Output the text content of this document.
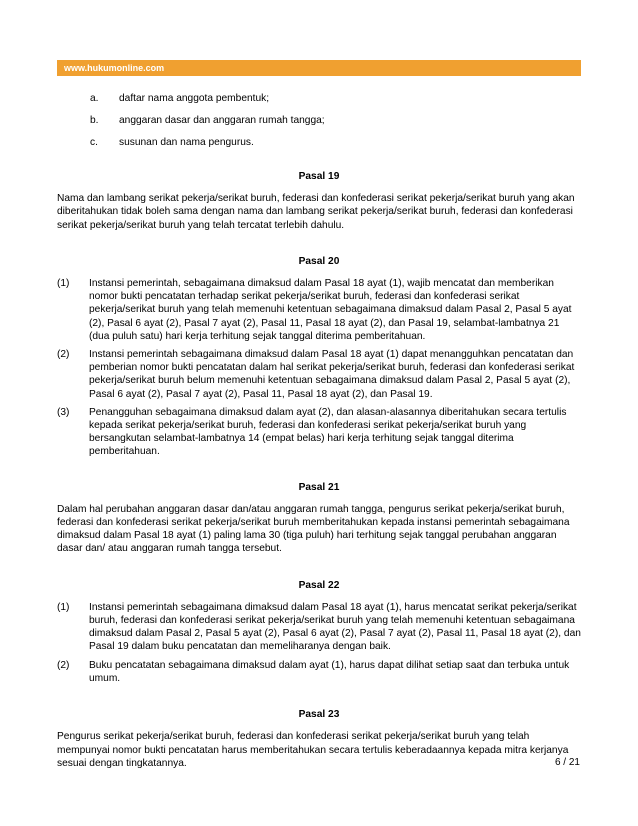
www.hukumonline.com
a. daftar nama anggota pembentuk;
b. anggaran dasar dan anggaran rumah tangga;
c. susunan dan nama pengurus.

Pasal 19

Nama dan lambang serikat pekerja/serikat buruh, federasi dan konfederasi serikat pekerja/serikat buruh yang akan diberitahukan tidak boleh sama dengan nama dan lambang serikat pekerja/serikat buruh, federasi dan konfederasi serikat pekerja/serikat buruh yang telah tercatat terlebih dahulu.

Pasal 20

(1) Instansi pemerintah, sebagaimana dimaksud dalam Pasal 18 ayat (1), wajib mencatat dan memberikan nomor bukti pencatatan terhadap serikat pekerja/serikat buruh, federasi dan konfederasi serikat pekerja/serikat buruh yang telah memenuhi ketentuan sebagaimana dimaksud dalam Pasal 2, Pasal 5 ayat (2), Pasal 6 ayat (2), Pasal 7 ayat (2), Pasal 11, Pasal 18 ayat (2), dan Pasal 19, selambat-lambatnya 21 (dua puluh satu) hari kerja terhitung sejak tanggal diterima pemberitahuan.
(2) Instansi pemerintah sebagaimana dimaksud dalam Pasal 18 ayat (1) dapat menangguhkan pencatatan dan pemberian nomor bukti pencatatan dalam hal serikat pekerja/serikat buruh, federasi dan konfederasi serikat pekerja/serikat buruh belum memenuhi ketentuan sebagaimana dimaksud dalam Pasal 2, Pasal 5 ayat (2), Pasal 6 ayat (2), Pasal 7 ayat (2), Pasal 11, Pasal 18 ayat (2), dan Pasal 19.
(3) Penangguhan sebagaimana dimaksud dalam ayat (2), dan alasan-alasannya diberitahukan secara tertulis kepada serikat pekerja/serikat buruh, federasi dan konfederasi serikat pekerja/serikat buruh yang bersangkutan selambat-lambatnya 14 (empat belas) hari kerja terhitung sejak tanggal diterima pemberitahuan.

Pasal 21

Dalam hal perubahan anggaran dasar dan/atau anggaran rumah tangga, pengurus serikat pekerja/serikat buruh, federasi dan konfederasi serikat pekerja/serikat buruh memberitahukan kepada instansi pemerintah sebagaimana dimaksud dalam Pasal 18 ayat (1) paling lama 30 (tiga puluh) hari terhitung sejak tanggal perubahan anggaran dasar dan/ atau anggaran rumah tangga tersebut.

Pasal 22

(1) Instansi pemerintah sebagaimana dimaksud dalam Pasal 18 ayat (1), harus mencatat serikat pekerja/serikat buruh, federasi dan konfederasi serikat pekerja/serikat buruh yang telah memenuhi ketentuan sebagaimana dimaksud dalam Pasal 2, Pasal 5 ayat (2), Pasal 6 ayat (2), Pasal 7 ayat (2), Pasal 11, Pasal 18 ayat (2), dan Pasal 19 dalam buku pencatatan dan memeliharanya dengan baik.
(2) Buku pencatatan sebagaimana dimaksud dalam ayat (1), harus dapat dilihat setiap saat dan terbuka untuk umum.

Pasal 23

Pengurus serikat pekerja/serikat buruh, federasi dan konfederasi serikat pekerja/serikat buruh yang telah mempunyai nomor bukti pencatatan harus memberitahukan secara tertulis keberadaannya kepada mitra kerjanya sesuai dengan tingkatannya.	6 / 21
